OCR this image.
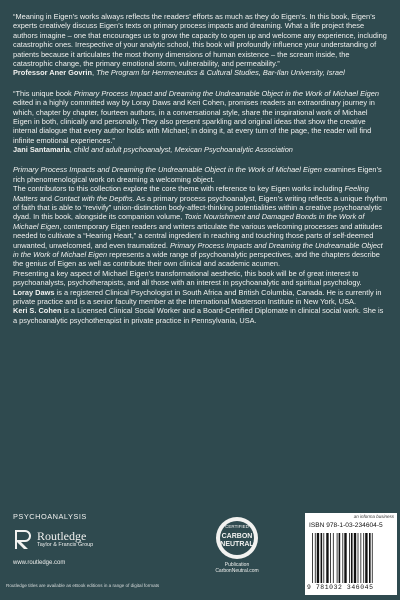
“Meaning in Eigen’s works always reflects the readers’ efforts as much as they do Eigen’s. In this book, Eigen’s experts creatively discuss Eigen’s texts on primary process impacts and dreaming. What a life project these authors imagine – one that encourages us to grow the capacity to open up and welcome any experience, including catastrophic ones. Irrespective of your analytic school, this book will profoundly influence your understanding of patients because it articulates the most thorny dimensions of human existence – the scream inside, the catastrophic change, the primary emotional storm, vulnerability, and permeability.”

Professor Aner Govrin, The Program for Hermeneutics & Cultural Studies, Bar-Ilan University, Israel

“This unique book Primary Process Impact and Dreaming the Undreamable Object in the Work of Michael Eigen edited in a highly committed way by Loray Daws and Keri Cohen, promises readers an extraordinary journey in which, chapter by chapter, fourteen authors, in a conversational style, share the inspirational work of Michael Eigen in both, clinically and personally. They also present sparkling and original ideas that show the creative internal dialogue that every author holds with Michael; in doing it, at every turn of the page, the reader will find infinite emotional experiences.”

Jani Santamaria, child and adult psychoanalyst, Mexican Psychoanalytic Association

Primary Process Impacts and Dreaming the Undreamable Object in the Work of Michael Eigen examines Eigen’s rich phenomenological work on dreaming a welcoming object.

The contributors to this collection explore the core theme with reference to key Eigen works including Feeling Matters and Contact with the Depths. As a primary process psychoanalyst, Eigen’s writing reflects a unique rhythm of faith that is able to “revivify” union-distinction body-affect-thinking potentialities within a creative psychoanalytic dyad. In this book, alongside its companion volume, Toxic Nourishment and Damaged Bonds in the Work of Michael Eigen, contemporary Eigen readers and writers articulate the various welcoming processes and attitudes needed to cultivate a “Hearing Heart,” a central ingredient in reaching and touching those parts of self-deemed unwanted, unwelcomed, and even traumatized. Primary Process Impacts and Dreaming the Undreamable Object in the Work of Michael Eigen represents a wide range of psychoanalytic perspectives, and the chapters describe the genius of Eigen as well as contribute their own clinical and academic acumen.

Presenting a key aspect of Michael Eigen’s transformational aesthetic, this book will be of great interest to psychoanalysts, psychotherapists, and all those with an interest in psychoanalytic and spiritual psychology.

Loray Daws is a registered Clinical Psychologist in South Africa and British Columbia, Canada. He is currently in private practice and is a senior faculty member at the International Masterson Institute in New York, USA.

Keri S. Cohen is a Licensed Clinical Social Worker and a Board-Certified Diplomate in clinical social work. She is a psychoanalytic psychotherapist in private practice in Pennsylvania, USA.

PSYCHOANALYSIS
Routledge
Taylor & Francis Group
www.routledge.com
Routledge titles are available as eBook editions in a range of digital formats
CERTIFIED
CARBON
NEUTRAL
Publication
CarbonNeutral.com
an informa business
ISBN 978-1-03-234604-5
9 781032 346045
